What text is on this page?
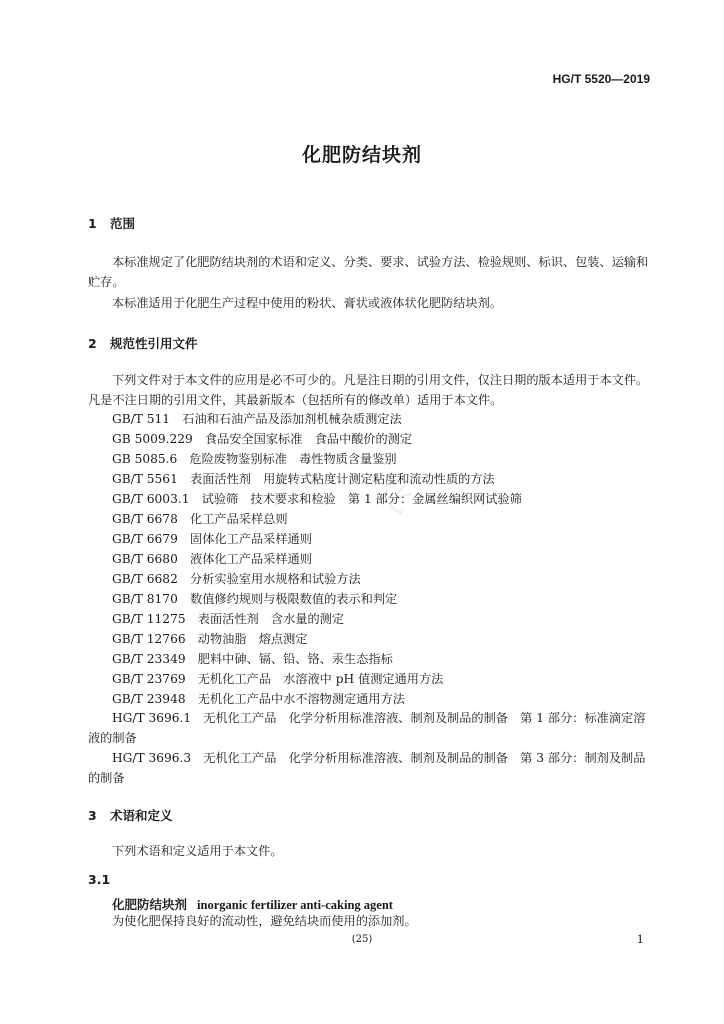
HG/T 5520—2019
化肥防结块剂
化
1 范围
本标准规定了化肥防结块剂的术语和定义、分类、要求、试验方法、检验规则、标识、包装、运输和贮存。
本标准适用于化肥生产过程中使用的粉状、膏状或液体状化肥防结块剂。
2 规范性引用文件
下列文件对于本文件的应用是必不可少的。凡是注日期的引用文件，仅注日期的版本适用于本文件。凡是不注日期的引用文件，其最新版本（包括所有的修改单）适用于本文件。
GB/T 511　 石油和石油产品及添加剂机械杂质测定法
GB 5009.229　 食品安全国家标准　食品中酸价的测定
GB 5085.6　 危险废物鉴别标准　毒性物质含量鉴别
GB/T 5561　 表面活性剂　用旋转式粘度计测定粘度和流动性质的方法
GB/T 6003.1　 试验筛　技术要求和检验　第 1 部分：金属丝编织网试验筛
GB/T 6678　 化工产品采样总则
GB/T 6679　 固体化工产品采样通则
GB/T 6680　 液体化工产品采样通则
GB/T 6682　 分析实验室用水规格和试验方法
GB/T 8170　 数值修约规则与极限数值的表示和判定
GB/T 11275　 表面活性剂　含水量的测定
GB/T 12766　 动物油脂　熔点测定
GB/T 23349　 肥料中砷、镉、铅、铬、汞生态指标
GB/T 23769　 无机化工产品　水溶液中 pH 值测定通用方法
GB/T 23948　 无机化工产品中水不溶物测定通用方法
HG/T 3696.1　 无机化工产品　化学分析用标准溶液、制剂及制品的制备　第 1 部分：标准滴定溶液的制备
HG/T 3696.3　 无机化工产品　化学分析用标准溶液、制剂及制品的制备　第 3 部分：制剂及制品的制备
3 术语和定义
下列术语和定义适用于本文件。
3.1
化肥防结块剂 inorganic fertilizer anti-caking agent
为使化肥保持良好的流动性，避免结块而使用的添加剂。
(25)	1
